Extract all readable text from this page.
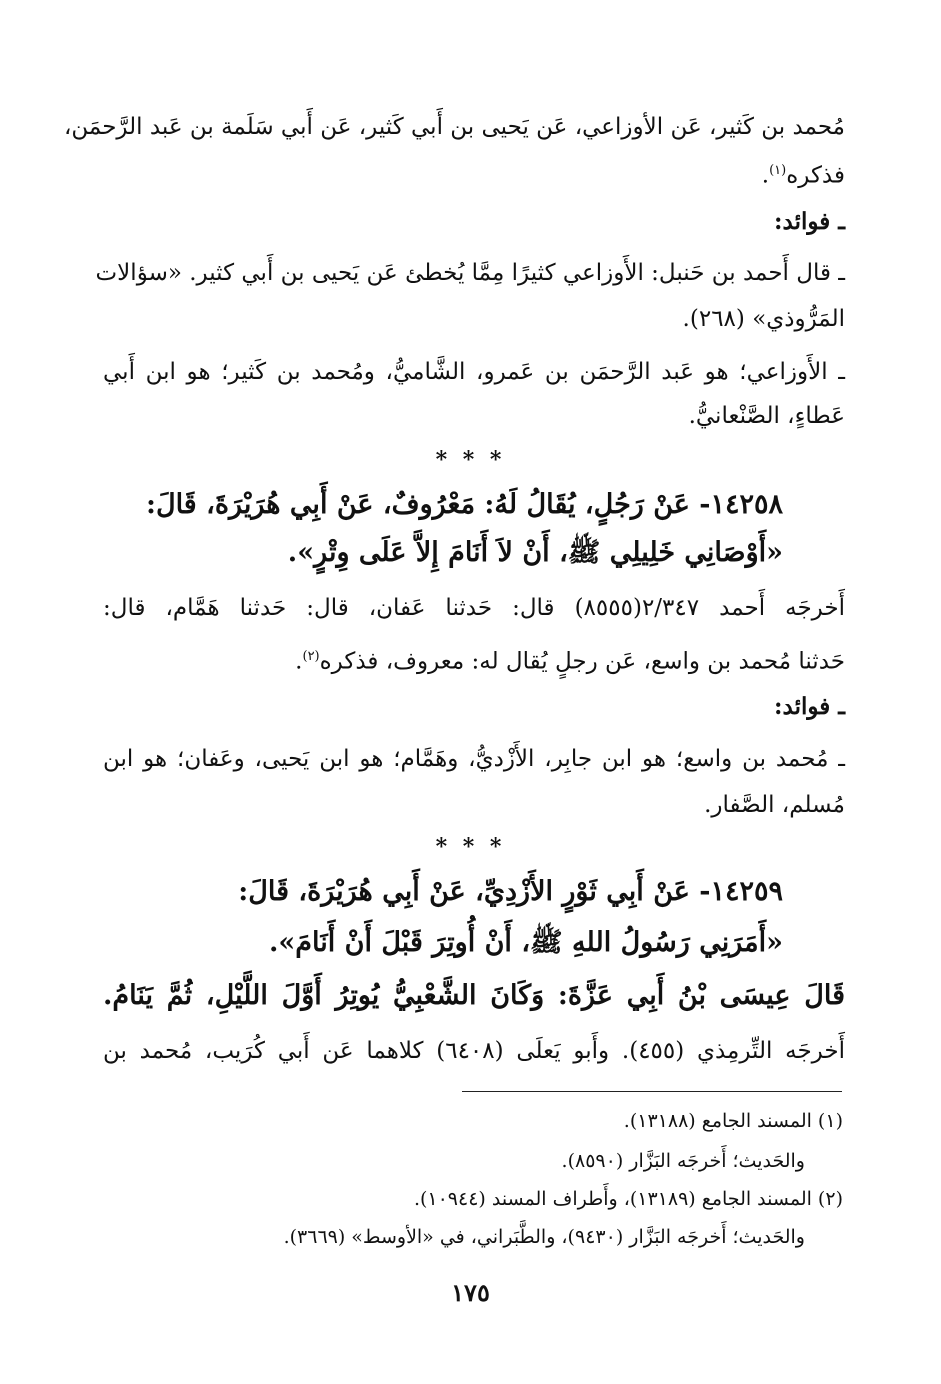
مُحمد بن كَثير، عَن الأوزاعي، عَن يَحيى بن أَبي كَثير، عَن أَبي سَلَمة بن عَبد الرَّحمَن،
فذكره$^{(١)}$.
ـ فوائد:
ـ قال أَحمد بن حَنبل: الأَوزاعي كثيرًا مِمَّا يُخطئ عَن يَحيى بن أَبي كثير. «سؤالات
المَرُّوذي» (٢٦٨).
ـ الأَوزاعي؛ هو عَبد الرَّحمَن بن عَمرو، الشَّاميُّ، ومُحمد بن كَثير؛ هو ابن أَبي
عَطاءٍ، الصَّنْعانيُّ.
* * *
١٤٢٥٨- عَنْ رَجُلٍ، يُقَالُ لَهُ: مَعْرُوفٌ، عَنْ أَبِي هُرَيْرَةَ، قَالَ:
«أَوْصَانِي خَلِيلِي ﷺ، أَنْ لاَ أَنَامَ إِلاَّ عَلَى وِتْرٍ».
أَخرجَه أَحمد ٢/٣٤٧(٨٥٥٥) قال: حَدثنا عَفان، قال: حَدثنا هَمَّام، قال:
حَدثنا مُحمد بن واسع، عَن رجلٍ يُقال له: معروف، فذكره$^{(٢)}$.
ـ فوائد:
ـ مُحمد بن واسع؛ هو ابن جابِر، الأَزْديُّ، وهَمَّام؛ هو ابن يَحيى، وعَفان؛ هو ابن
مُسلم، الصَّفار.
* * *
١٤٢٥٩- عَنْ أَبِي ثَوْرٍ الأَزْدِيِّ، عَنْ أَبِي هُرَيْرَةَ، قَالَ:
«أَمَرَنِي رَسُولُ اللهِ ﷺ، أَنْ أُوتِرَ قَبْلَ أَنْ أَنَامَ».
قَالَ عِيسَى بْنُ أَبِي عَزَّةَ: وَكَانَ الشَّعْبِيُّ يُوتِرُ أَوَّلَ اللَّيْلِ، ثُمَّ يَنَامُ.
أَخرجَه التِّرمِذي (٤٥٥). وأَبو يَعلَى (٦٤٠٨) كلاهما عَن أَبي كُرَيب، مُحمد بن
(١) المسند الجامع (١٣١٨٨).
والحَديث؛ أَخرجَه البَزَّار (٨٥٩٠).
(٢) المسند الجامع (١٣١٨٩)، وأَطراف المسند (١٠٩٤٤).
والحَديث؛ أَخرجَه البَزَّار (٩٤٣٠)، والطَّبَراني، في «الأوسط» (٣٦٦٩).
١٧٥
